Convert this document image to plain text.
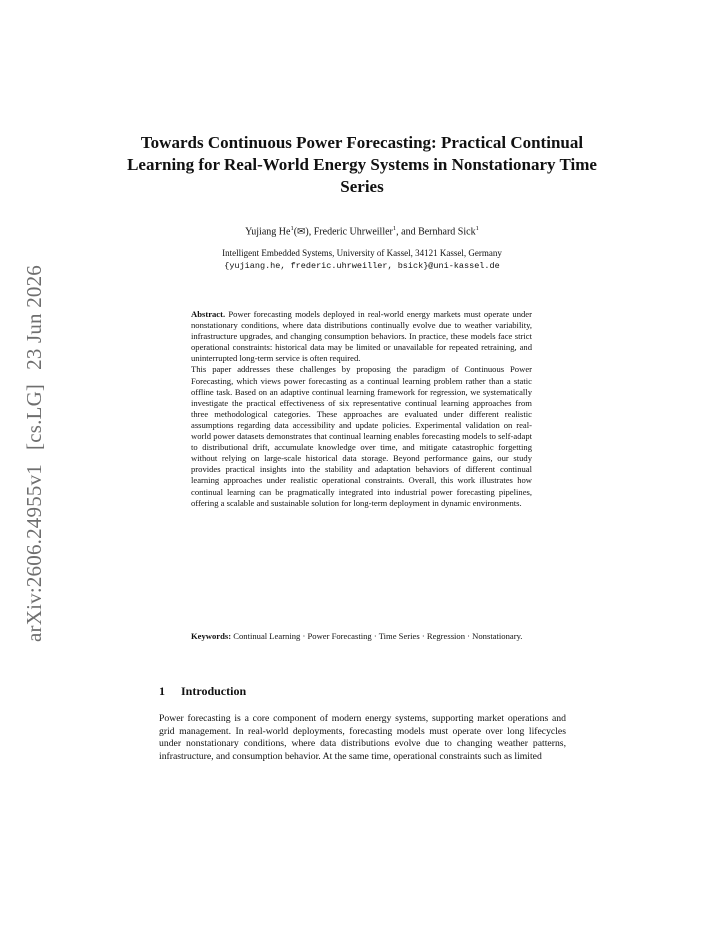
arXiv:2606.24955v1[cs.LG]23 Jun 2026
Towards Continuous Power Forecasting: Practical Continual Learning for Real-World Energy Systems in Nonstationary Time Series
Yujiang He$^1$(✉), Frederic Uhrweiller$^1$, and Bernhard Sick$^1$
Intelligent Embedded Systems, University of Kassel, 34121 Kassel, Germany
{yujiang.he, frederic.uhrweiller, bsick}@uni-kassel.de

Abstract. Power forecasting models deployed in real-world energy markets must operate under nonstationary conditions, where data distributions continually evolve due to weather variability, infrastructure upgrades, and changing consumption behaviors. In practice, these models face strict operational constraints: historical data may be limited or unavailable for repeated retraining, and uninterrupted long-term service is often required.

This paper addresses these challenges by proposing the paradigm of Continuous Power Forecasting, which views power forecasting as a continual learning problem rather than a static offline task. Based on an adaptive continual learning framework for regression, we systematically investigate the practical effectiveness of six representative continual learning approaches from three methodological categories. These approaches are evaluated under different realistic assumptions regarding data accessibility and update policies. Experimental validation on real-world power datasets demonstrates that continual learning enables forecasting models to self-adapt to distributional drift, accumulate knowledge over time, and mitigate catastrophic forgetting without relying on large-scale historical data storage. Beyond performance gains, our study provides practical insights into the stability and adaptation behaviors of different continual learning approaches under realistic operational constraints. Overall, this work illustrates how continual learning can be pragmatically integrated into industrial power forecasting pipelines, offering a scalable and sustainable solution for long-term deployment in dynamic environments.

Keywords: Continual Learning · Power Forecasting · Time Series · Regression · Nonstationary.
1 Introduction

Power forecasting is a core component of modern energy systems, supporting market operations and grid management. In real-world deployments, forecasting models must operate over long lifecycles under nonstationary conditions, where data distributions evolve due to changing weather patterns, infrastructure, and consumption behavior. At the same time, operational constraints such as limited
